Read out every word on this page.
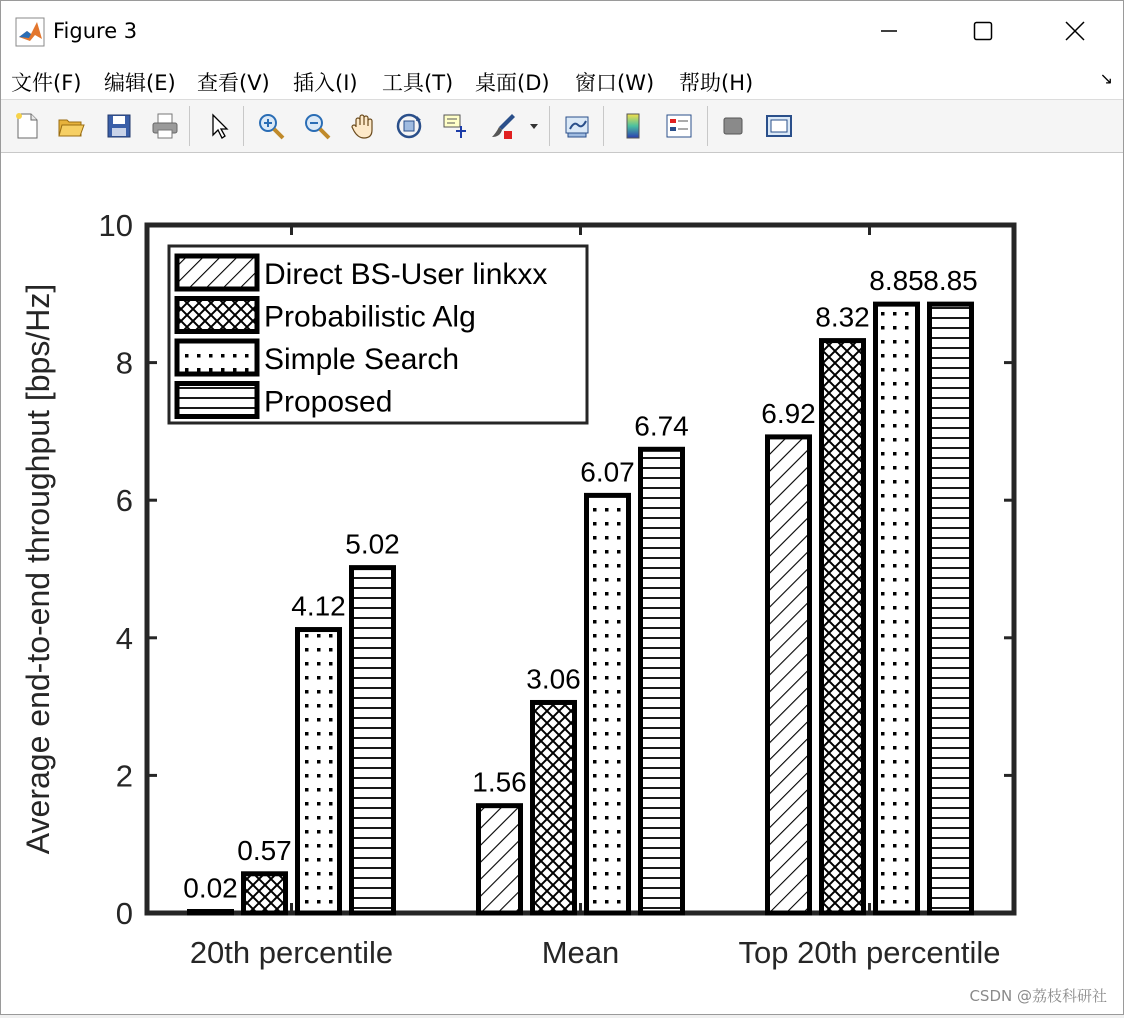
Figure 3
文件(F) 编辑(E) 查看(V) 插入(I) 工具(T) 桌面(D) 窗口(W) 帮助(H)	↘
0
2
4
6
8
10
Average end-to-end throughput [bps/Hz]
20th percentile
0.02
0.57
4.12
5.02
Mean
1.56
3.06
6.07
6.74
Top 20th percentile
6.92
8.32
8.85 8.85
Direct BS-User linkxx
Probabilistic Alg
Simple Search
Proposed
CSDN @荔枝科研社
